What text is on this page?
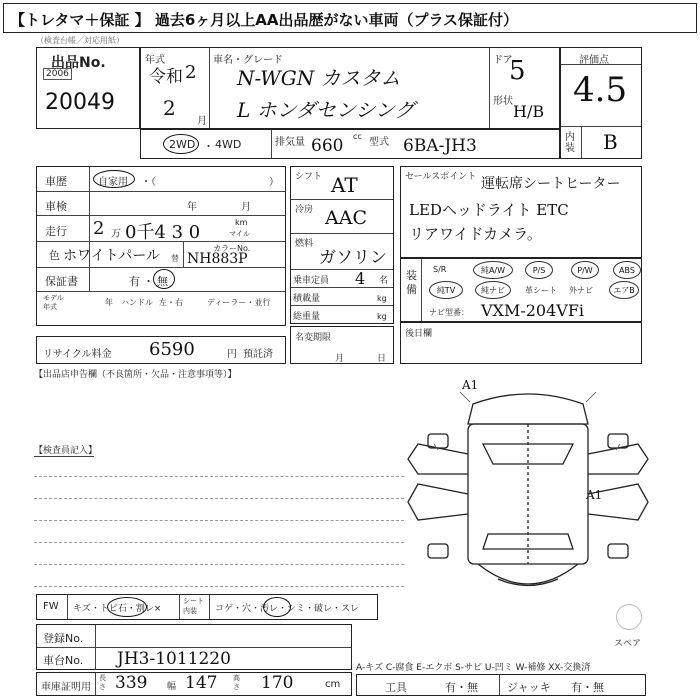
【トレタマ＋保証 】 過去6ヶ月以上AA出品歴がない車両（プラス保証付）
（検査台帳／対応用紙）
出品No.
2006
20049
年式
令和 2
2
月
車名・グレード
N-WGN カスタム
L ホンダセンシング
ドア
5
形状
H/B
評価点
4.5
内装 B
2WD ・ 4WD	排気量 660 cc
型式 6BA-JH3
車歴	自家用 ・（	）
車検	年	月
走行 2 万 0千4 3 0	km
マイル
色 ホワイトパール 替
カラーNo.
NH883P
保証書	有 ・ 無
モデル
年式	年 ハンドル 左・右	ディーラー・並行
リサイクル料金 6590	円 預託済
シフト AT
冷房 AAC
燃料
ガソリン
乗車定員 4 名
積載量	kg
総重量	kg
名変期限
月	日
セールスポイント 運転席シートヒーター
LEDヘッドライト ETC
リアワイドカメラ。
装備
S/R	純A/W	P/S	P/W	ABS
純TV	純ナビ	革シート 外ナビ	エアB
ナビ型番： VXM-204VFi
後日欄
【出品店申告欄（不良箇所・欠品・注意事項等）】
【検査員記入】
A1
A1
スペア
FW キズ・トビ石・割レ×
シート
内装	コゲ・穴・汚レ・シミ・破レ・スレ
登録No.
車台No. JH3-1011220	A-キズ C-腐食 E-エクボ S-サビ U-凹ミ W-補修 XX-交換済
車庫証明用
長さ 339 幅 147 高さ 170	cm	工具	有・無	ジャッキ 有・無
